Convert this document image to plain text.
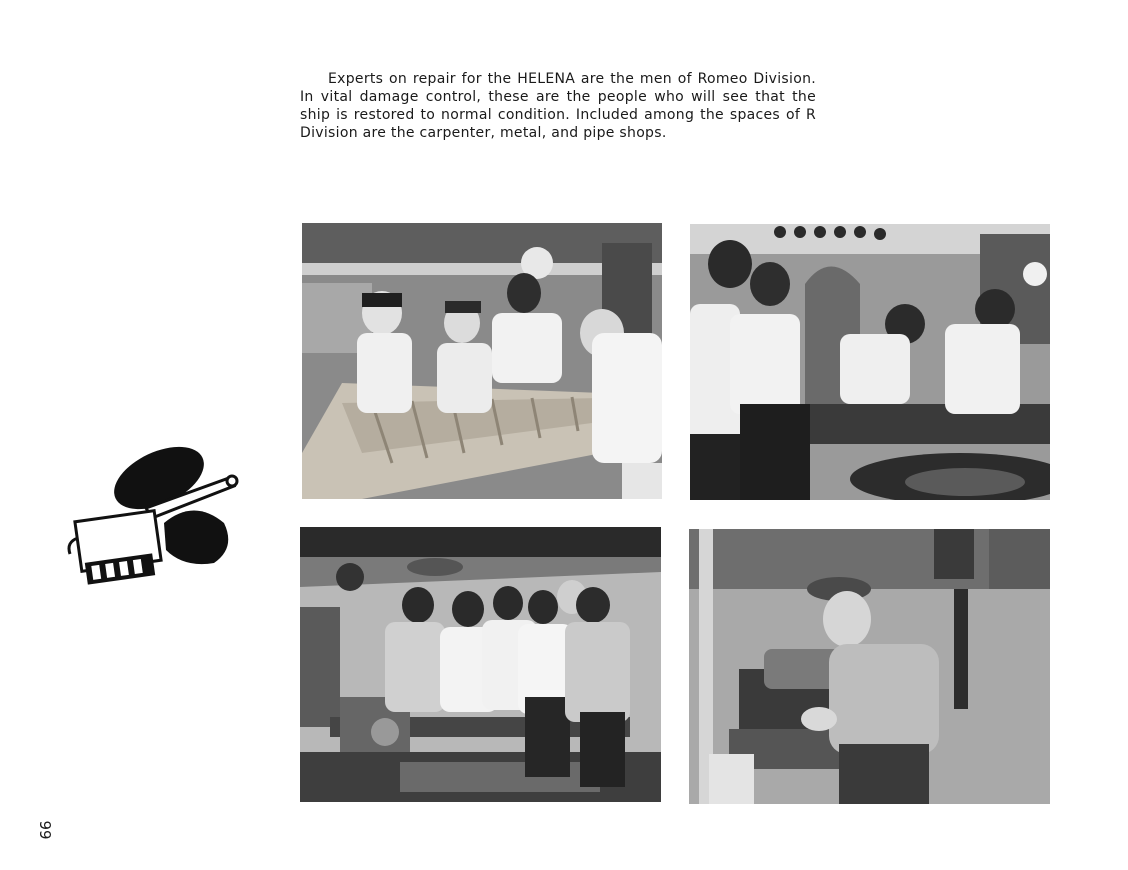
Experts on repair for the HELENA are the men of Romeo Division. In vital damage control, these are the people who will see that the ship is restored to normal condition. Included among the spaces of R Division are the carpenter, metal, and pipe shops.

99
